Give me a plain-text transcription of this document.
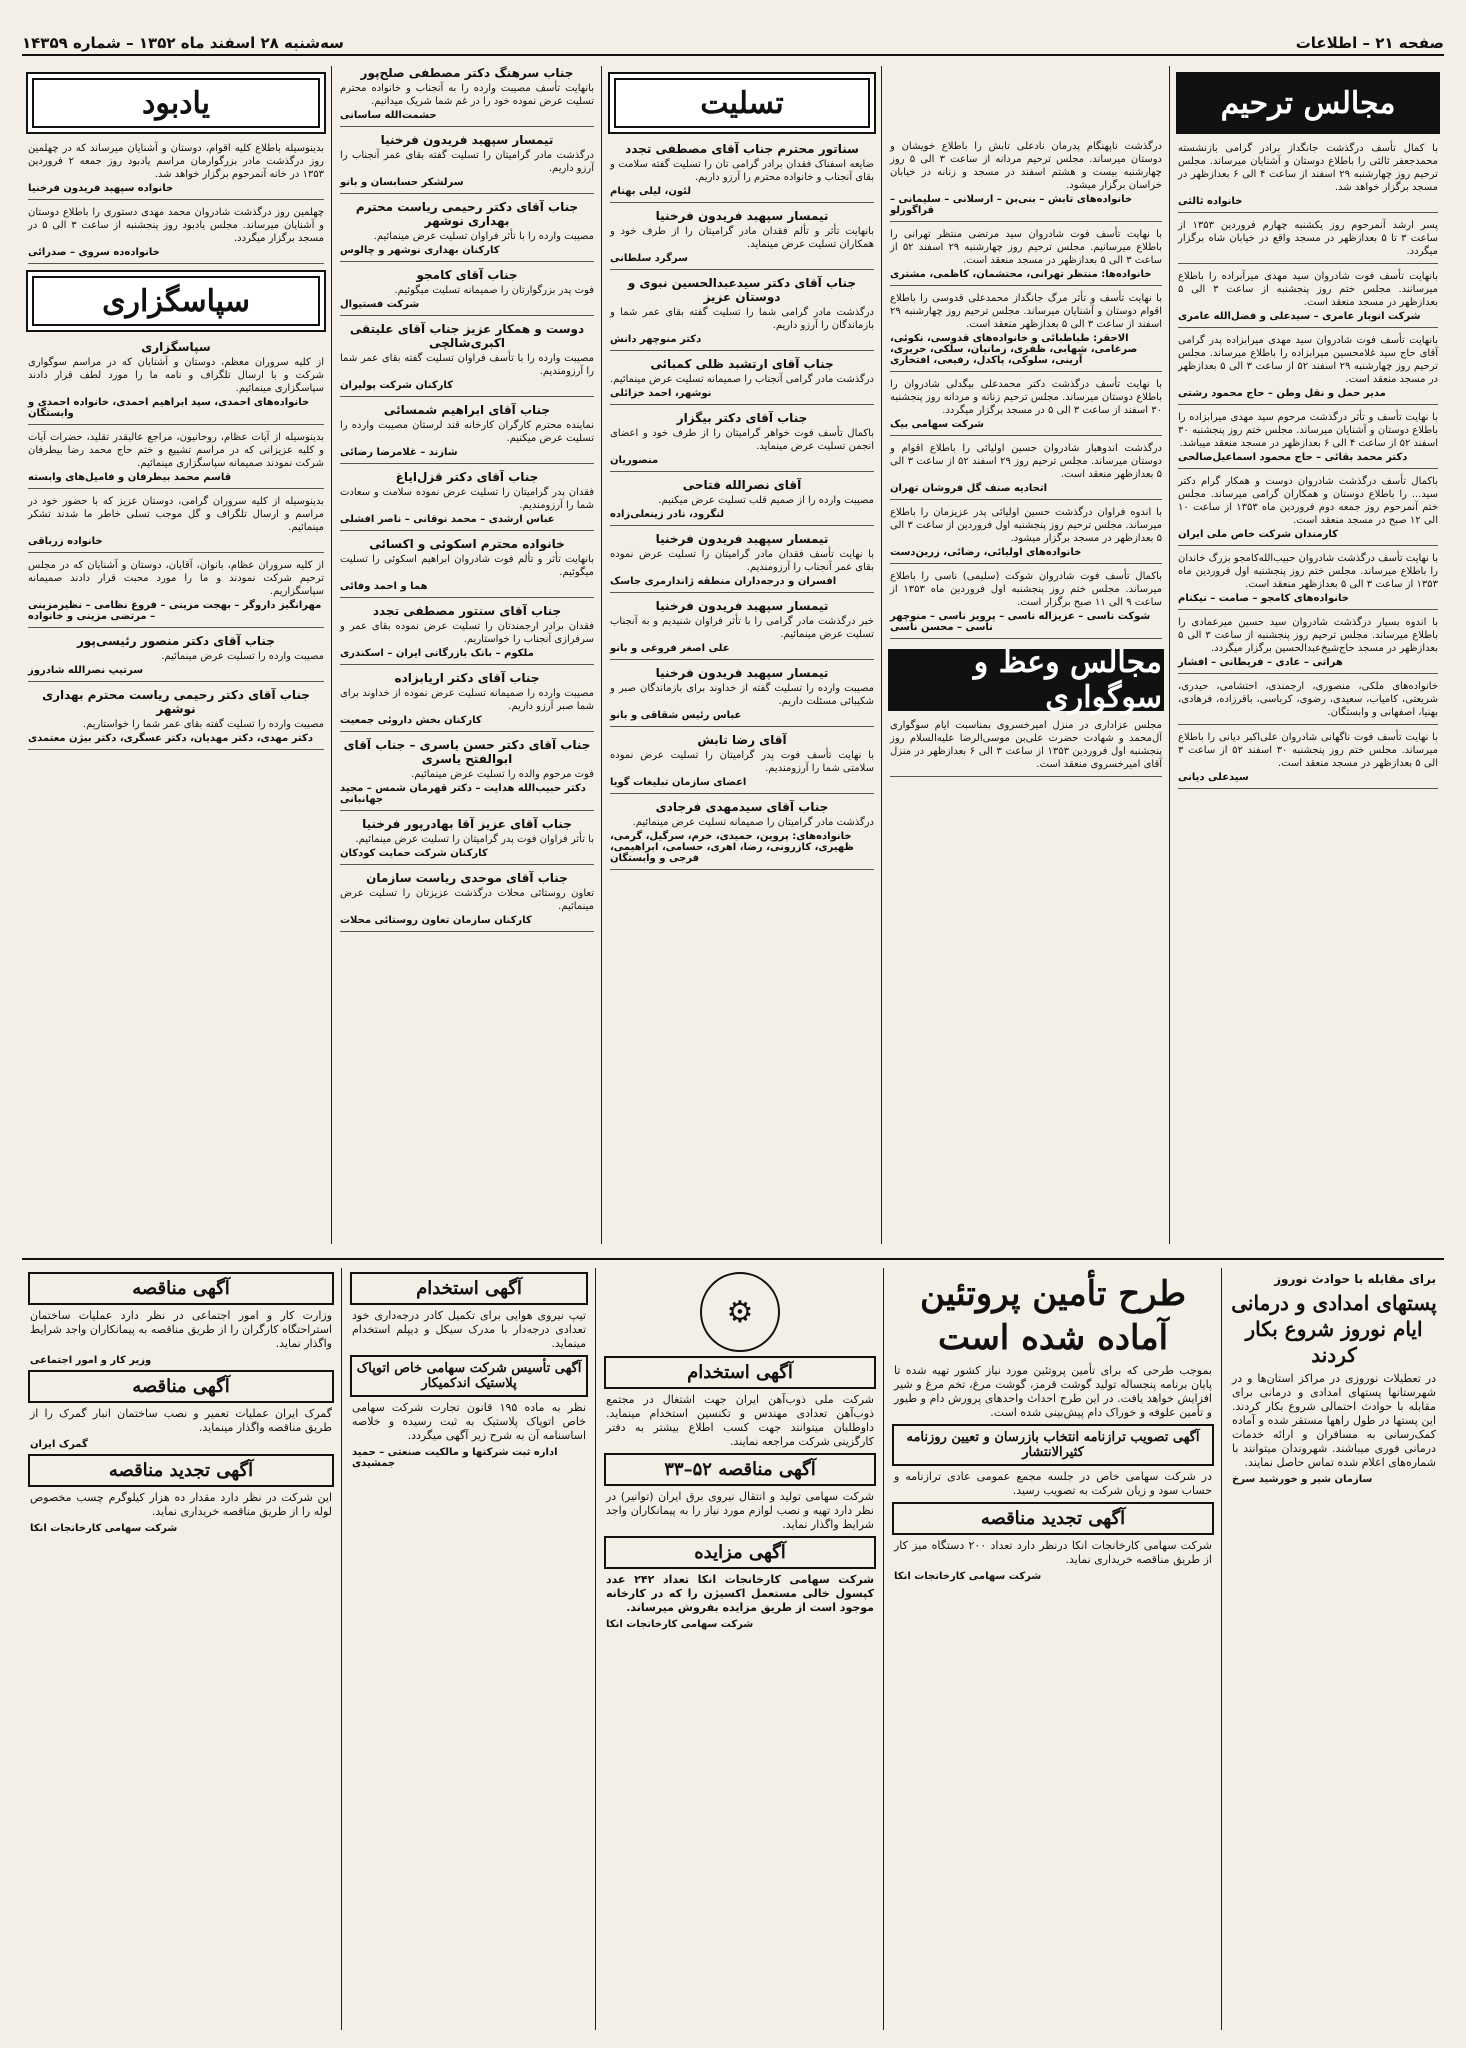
صفحه ۲۱ – اطلاعات
سه‌شنبه ۲۸ اسفند ماه ۱۳۵۲ – شماره ۱۴۳۵۹
مجالس ترحیم
با کمال تأسف درگذشت جانگداز برادر گرامی بازنشسته محمدجعفر ثالثی را باطلاع دوستان و آشنایان میرساند. مجلس ترحیم روز چهارشنبه ۲۹ اسفند از ساعت ۴ الی ۶ بعدازظهر در مسجد برگزار خواهد شد.
خانواده ثالثی
پسر ارشد آنمرحوم روز یکشنبه چهارم فروردین ۱۳۵۳ از ساعت ۳ تا ۵ بعدازظهر در مسجد واقع در خیابان شاه برگزار میگردد.
بانهایت تأسف فوت شادروان سید مهدی میرآبراده را باطلاع میرسانند. مجلس ختم روز پنجشنبه از ساعت ۳ الی ۵ بعدازظهر در مسجد منعقد است.
شرکت انوبار عامری – سیدعلی و فضل‌الله عامری
بانهایت تأسف فوت شادروان سید مهدی میرابزاده پدر گرامی آقای حاج سید غلامحسین میرابزاده را باطلاع میرساند. مجلس ترحیم روز چهارشنبه ۲۹ اسفند ۵۲ از ساعت ۳ الی ۵ بعدازظهر در مسجد منعقد است.
مدیر حمل و نقل وطن – حاج محمود رشتی
با نهایت تأسف و تأثر درگذشت مرحوم سید مهدی میرابزاده را باطلاع دوستان و آشنایان میرساند. مجلس ختم روز پنجشنبه ۳۰ اسفند ۵۲ از ساعت ۴ الی ۶ بعدازظهر در مسجد منعقد میباشد.
دکتر محمد بقائی – حاج محمود اسماعیل‌صالحی
باکمال تأسف درگذشت شادروان دوست و همکار گرام دکتر سید... را باطلاع دوستان و همکاران گرامی میرساند. مجلس ختم آنمرحوم روز جمعه دوم فروردین ماه ۱۳۵۳ از ساعت ۱۰ الی ۱۲ صبح در مسجد منعقد است.
کارمندان شرکت خاص ملی ایران
با نهایت تأسف درگذشت شادروان حبیب‌الله‌کامجو بزرگ خاندان را باطلاع میرساند. مجلس ختم روز پنجشنبه اول فروردین ماه ۱۳۵۳ از ساعت ۳ الی ۵ بعدازظهر منعقد است.
خانواده‌های کامجو – صامت – نیکنام
با اندوه بسیار درگذشت شادروان سید حسین میرعمادی را باطلاع میرساند. مجلس ترحیم روز پنجشنبه از ساعت ۳ الی ۵ بعدازظهر در مسجد حاج‌شیخ‌عبدالحسین برگزار میگردد.
هراتی – عادی – فریطانی – افشار
خانواده‌های ملکی، منصوری، ارجمندی، احتشامی، حیدری، شریعتی، کامیاب، سعیدی، رضوی، کرباسی، باقرزاده، فرهادی، بهنیا، اصفهانی و وابستگان.
با نهایت تأسف فوت ناگهانی شادروان علی‌اکبر دیانی را باطلاع میرساند. مجلس ختم روز پنجشنبه ۳۰ اسفند ۵۲ از ساعت ۳ الی ۵ بعدازظهر در مسجد منعقد است.
سیدعلی دیانی
درگذشت ناپهنگام پدرمان نادعلی تابش را باطلاع خویشان و دوستان میرساند. مجلس ترحیم مردانه از ساعت ۳ الی ۵ روز چهارشنبه بیست و هشتم اسفند در مسجد و زنانه در خیابان خراسان برگزار میشود.
خانواده‌های تابش – بنی‌بن – ارسلانی – سلیمانی – قراگوزلو
با نهایت تأسف فوت شادروان سید مرتضی منتظر تهرانی را باطلاع میرسانیم. مجلس ترحیم روز چهارشنبه ۲۹ اسفند ۵۲ از ساعت ۳ الی ۵ بعدازظهر در مسجد منعقد است.
خانواده‌ها: منتظر تهرانی، محتشمان، کاظمی، مشتری
با نهایت تأسف و تأثر مرگ جانگداز محمدعلی قدوسی را باطلاع اقوام دوستان و آشنایان میرساند. مجلس ترحیم روز چهارشنبه ۲۹ اسفند از ساعت ۳ الی ۵ بعدازظهر منعقد است.
الاحقر: طباطبائی و خانواده‌های قدوسی، نکوئی، صرغامی، شهابی، ظفری، زمانیان، سلکی، حریری، آرینی، سلوکی، پاکدل، رفیعی، افتخاری
با نهایت تأسف درگذشت دکتر محمدعلی بیگدلی شادروان را باطلاع دوستان میرساند. مجلس ترحیم زنانه و مردانه روز پنجشنبه ۳۰ اسفند از ساعت ۳ الی ۵ در مسجد برگزار میگردد.
شرکت سهامی بیک
درگذشت اندوهبار شادروان حسین اولیائی را باطلاع اقوام و دوستان میرساند. مجلس ترحیم روز ۲۹ اسفند ۵۲ از ساعت ۳ الی ۵ بعدازظهر منعقد است.
اتحادیه صنف گل فروشان تهران
با اندوه فراوان درگذشت حسین اولیائی پدر عزیزمان را باطلاع میرساند. مجلس ترحیم روز پنجشنبه اول فروردین از ساعت ۳ الی ۵ بعدازظهر در مسجد برگزار میشود.
خانواده‌های اولیائی، رضائی، زرین‌دست
باکمال تأسف فوت شادروان شوکت (سلیمی) ناسی را باطلاع میرساند. مجلس ختم روز پنجشنبه اول فروردین ماه ۱۳۵۳ از ساعت ۹ الی ۱۱ صبح برگزار است.
شوکت ناسی – عزیزاله ناسی – پرویز ناسی – منوچهر ناسی – محسن ناسی
مجالس وعظ و سوگواری
مجلس عزاداری در منزل امیرخسروی بمناسبت ایام سوگواری آل‌محمد و شهادت حضرت علی‌بن موسی‌الرضا علیه‌السلام روز پنجشنبه اول فروردین ۱۳۵۳ از ساعت ۳ الی ۶ بعدازظهر در منزل آقای امیرخسروی منعقد است.
تسلیت
سناتور محترم جناب آقای مصطفی تجدد
ضایعه اسفناک فقدان برادر گرامی تان را تسلیت گفته سلامت و بقای آنجناب و خانواده محترم را آرزو داریم.
لئون، لیلی بهنام
تیمسار سپهبد فریدون فرخنیا
بانهایت تأثر و تألم فقدان مادر گرامیتان را از طرف خود و همکاران تسلیت عرض مینماید.
سرگرد سلطانی
جناب آقای دکتر سیدعبدالحسین نبوی و دوستان عزیز
درگذشت مادر گرامی شما را تسلیت گفته بقای عمر شما و بازماندگان را آرزو داریم.
دکتر منوچهر دانش
جناب آقای ارتشبد ظلی کمبائی
درگذشت مادر گرامی آنجناب را صمیمانه تسلیت عرض مینمائیم.
نوشهر، احمد خزائلی
جناب آقای دکتر بیگزار
باکمال تأسف فوت خواهر گرامیتان را از طرف خود و اعضای انجمن تسلیت عرض مینماید.
منصوریان
آقای نصرالله فتاحی
مصیبت وارده را از صمیم قلب تسلیت عرض میکنیم.
لنگرود، نادر زینعلی‌زاده
تیمسار سپهبد فریدون فرخنیا
با نهایت تأسف فقدان مادر گرامیتان را تسلیت عرض نموده بقای عمر آنجناب را آرزومندیم.
افسران و درجه‌داران منطقه ژاندارمری جاسک
تیمسار سپهبد فریدون فرخنیا
خبر درگذشت مادر گرامی را با تأثر فراوان شنیدیم و به آنجناب تسلیت عرض مینمائیم.
علی اصغر فروغی و بانو
تیمسار سپهبد فریدون فرخنیا
مصیبت وارده را تسلیت گفته از خداوند برای بازماندگان صبر و شکیبائی مسئلت داریم.
عباس رئیس شقاقی و بانو
آقای رضا تابش
با نهایت تأسف فوت پدر گرامیتان را تسلیت عرض نموده سلامتی شما را آرزومندیم.
اعضای سازمان تبلیغات گویا
جناب آقای سیدمهدی فرجادی
درگذشت مادر گرامیتان را صمیمانه تسلیت عرض مینمائیم.
خانواده‌های: پروین، حمیدی، خرم، سرگیل، گرمی، ظهیری، کازرونی، رضا، اهری، حسامی، ابراهیمی، فرجی و وابستگان
جناب سرهنگ دکتر مصطفی صلح‌پور
بانهایت تأسف مصیبت وارده را به آنجناب و خانواده محترم تسلیت عرض نموده خود را در غم شما شریک میدانیم.
حشمت‌الله ساسانی
تیمسار سپهبد فریدون فرخنیا
درگذشت مادر گرامیتان را تسلیت گفته بقای عمر آنجناب را آرزو داریم.
سرلشکر حسابسان و بانو
جناب آقای دکتر رحیمی ریاست محترم بهداری نوشهر
مصیبت وارده را با تأثر فراوان تسلیت عرض مینمائیم.
کارکنان بهداری نوشهر و چالوس
جناب آقای کامجو
فوت پدر بزرگوارتان را صمیمانه تسلیت میگوئیم.
شرکت فستیوال
دوست و همکار عزیز جناب آقای علیتقی اکبری‌شالچی
مصیبت وارده را با تأسف فراوان تسلیت گفته بقای عمر شما را آرزومندیم.
کارکنان شرکت پولیران
جناب آقای ابراهیم شمسائی
نماینده محترم کارگران کارخانه قند لرستان مصیبت وارده را تسلیت عرض میکنیم.
شازند – غلامرضا رضائی
جناب آقای دکتر قزل‌ایاغ
فقدان پدر گرامیتان را تسلیت عرض نموده سلامت و سعادت شما را آرزومندیم.
عباس ارشدی – محمد نوقانی – ناصر افشلی
خانواده محترم اسکوئی و اکسائی
بانهایت تأثر و تألم فوت شادروان ابراهیم اسکوئی را تسلیت میگوئیم.
هما و احمد وفائی
جناب آقای سنتور مصطفی تجدد
فقدان برادر ارجمندتان را تسلیت عرض نموده بقای عمر و سرفرازی آنجناب را خواستاریم.
ملکوم – بانک بازرگانی ایران – اسکندری
جناب آقای دکتر اریابزاده
مصیبت وارده را صمیمانه تسلیت عرض نموده از خداوند برای شما صبر آرزو داریم.
کارکنان بخش داروئی جمعیت
جناب آقای دکتر حسن یاسری – جناب آقای ابوالفتح یاسری
فوت مرحوم والده را تسلیت عرض مینمائیم.
دکتر حبیب‌الله هدایت – دکتر قهرمان شمس – مجید جهانبانی
جناب آقای عزیز آقا بهادرپور فرخنیا
با تأثر فراوان فوت پدر گرامیتان را تسلیت عرض مینمائیم.
کارکنان شرکت حمایت کودکان
جناب آقای موحدی ریاست سازمان
تعاون روستائی محلات درگذشت عزیزتان را تسلیت عرض مینمائیم.
کارکنان سازمان تعاون روستائی محلات
یادبود
بدینوسیله باطلاع کلیه اقوام، دوستان و آشنایان میرساند که در چهلمین روز درگذشت مادر بزرگوارمان مراسم یادبود روز جمعه ۲ فروردین ۱۳۵۳ در خانه آنمرحوم برگزار خواهد شد.
خانواده سپهبد فریدون فرخنیا
چهلمین روز درگذشت شادروان محمد مهدی دستوری را باطلاع دوستان و آشنایان میرساند. مجلس یادبود روز پنجشنبه از ساعت ۳ الی ۵ در مسجد برگزار میگردد.
خانواده‌ده سروی – صدرائی
سپاسگزاری
سپاسگزاری
از کلیه سروران معظم، دوستان و آشنایان که در مراسم سوگواری شرکت و با ارسال تلگراف و نامه ما را مورد لطف قرار دادند سپاسگزاری مینمائیم.
خانواده‌های احمدی، سید ابراهیم احمدی، خانواده احمدی و وابستگان
بدینوسیله از آیات عظام، روحانیون، مراجع عالیقدر تقلید، حضرات آیات و کلیه عزیزانی که در مراسم تشییع و ختم حاج محمد رضا بیطرفان شرکت نمودند صمیمانه سپاسگزاری مینمائیم.
قاسم محمد بیطرفان و فامیل‌های وابسته
بدینوسیله از کلیه سروران گرامی، دوستان عزیز که با حضور خود در مراسم و ارسال تلگراف و گل موجب تسلی خاطر ما شدند تشکر مینمائیم.
خانواده زرباقی
از کلیه سروران عظام، بانوان، آقایان، دوستان و آشنایان که در مجلس ترحیم شرکت نمودند و ما را مورد محبت قرار دادند صمیمانه سپاسگزاریم.
مهرانگیز داروگر – بهجت مزینی – فروغ نظامی – نظیرمزینی – مرتضی مزینی و خانواده
جناب آقای دکتر منصور رئیسی‌پور
مصیبت وارده را تسلیت عرض مینمائیم.
سرتیپ نصرالله شادروز
جناب آقای دکتر رحیمی ریاست محترم بهداری نوشهر
مصیبت وارده را تسلیت گفته بقای عمر شما را خواستاریم.
دکتر مهدی، دکتر مهدیان، دکتر عسگری، دکتر بیژن معتمدی
برای مقابله با حوادث نوروز
پستهای امدادی و درمانی ایام نوروز شروع بکار کردند
در تعطیلات نوروزی در مراکز استان‌ها و در شهرستانها پستهای امدادی و درمانی برای مقابله با حوادث احتمالی شروع بکار کردند. این پستها در طول راهها مستقر شده و آماده کمک‌رسانی به مسافران و ارائه خدمات درمانی فوری میباشند. شهروندان میتوانند با شماره‌های اعلام شده تماس حاصل نمایند.
سازمان شیر و خورشید سرخ
طرح تأمین پروتئین آماده شده است
بموجب طرحی که برای تأمین پروتئین مورد نیاز کشور تهیه شده تا پایان برنامه پنجساله تولید گوشت قرمز، گوشت مرغ، تخم مرغ و شیر افزایش خواهد یافت. در این طرح احداث واحدهای پرورش دام و طیور و تأمین علوفه و خوراک دام پیش‌بینی شده است.
آگهی تصویب ترازنامه انتخاب بازرسان و تعیین روزنامه کثیرالانتشار
در شرکت سهامی خاص در جلسه مجمع عمومی عادی ترازنامه و حساب سود و زیان شرکت به تصویب رسید.
آگهی تجدید مناقصه
شرکت سهامی کارخانجات انکا درنظر دارد تعداد ۲۰۰ دستگاه میز کار از طریق مناقصه خریداری نماید.
شرکت سهامی کارخانجات انکا
⚙
آگهی استخدام
شرکت ملی ذوب‌آهن ایران جهت اشتغال در مجتمع ذوب‌آهن تعدادی مهندس و تکنسین استخدام مینماید. داوطلبان میتوانند جهت کسب اطلاع بیشتر به دفتر کارگزینی شرکت مراجعه نمایند.
آگهی مناقصه ۵۲–۳۳
شرکت سهامی تولید و انتقال نیروی برق ایران (توانیر) در نظر دارد تهیه و نصب لوازم مورد نیاز را به پیمانکاران واجد شرایط واگذار نماید.
آگهی مزایده
شرکت سهامی کارخانجات انکا تعداد ۲۴۲ عدد کپسول خالی مستعمل اکسیژن را که در کارخانه موجود است از طریق مزایده بفروش میرساند.
شرکت سهامی کارخانجات انکا
آگهی استخدام
تیپ نیروی هوایی برای تکمیل کادر درجه‌داری خود تعدادی درجه‌دار با مدرک سیکل و دیپلم استخدام مینماید.
آگهی تأسیس شرکت سهامی خاص اتوپاک پلاستیک اندکمیکار
نظر به ماده ۱۹۵ قانون تجارت شرکت سهامی خاص اتوپاک پلاستیک به ثبت رسیده و خلاصه اساسنامه آن به شرح زیر آگهی میگردد.
اداره ثبت شرکتها و مالکیت صنعتی – حمید جمشیدی
آگهی مناقصه
وزارت کار و امور اجتماعی در نظر دارد عملیات ساختمان استراحتگاه کارگران را از طریق مناقصه به پیمانکاران واجد شرایط واگذار نماید.
وزیر کار و امور اجتماعی
آگهی مناقصه
گمرک ایران عملیات تعمیر و نصب ساختمان انبار گمرک را از طریق مناقصه واگذار مینماید.
گمرک ایران
آگهی تجدید مناقصه
این شرکت در نظر دارد مقدار ده هزار کیلوگرم چسب مخصوص لوله را از طریق مناقصه خریداری نماید.
شرکت سهامی کارخانجات انکا
